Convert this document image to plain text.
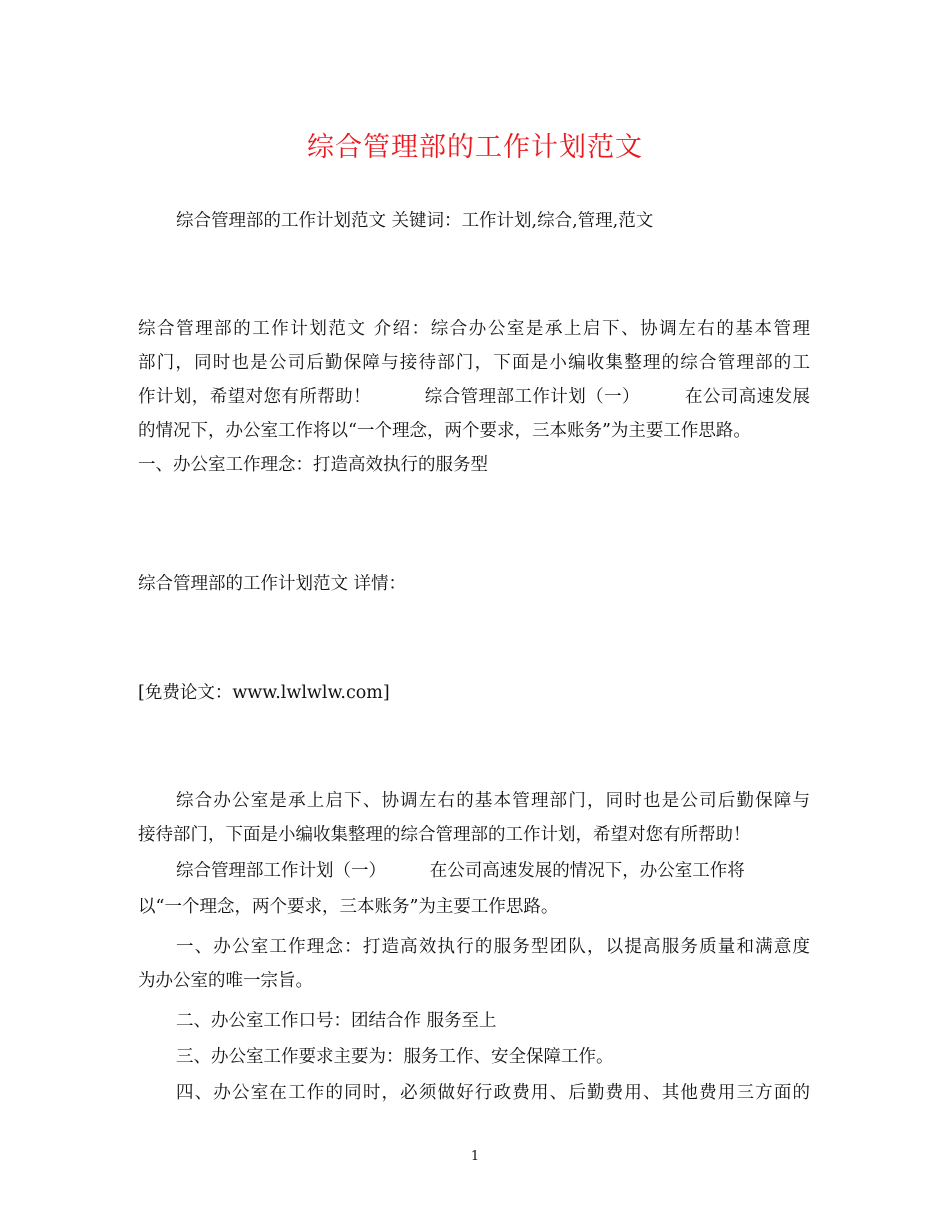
综合管理部的工作计划范文
综合管理部的工作计划范文 关键词：工作计划,综合,管理,范文
综合管理部的工作计划范文 介绍：综合办公室是承上启下、协调左右的基本管理
部门，同时也是公司后勤保障与接待部门，下面是小编收集整理的综合管理部的工
作计划，希望对您有所帮助！　　　综合管理部工作计划（一）　　　在公司高速发展
的情况下，办公室工作将以“一个理念，两个要求，三本账务”为主要工作思路。
一、办公室工作理念：打造高效执行的服务型
综合管理部的工作计划范文 详情：
[免费论文：www.lwlwlw.com]
综合办公室是承上启下、协调左右的基本管理部门，同时也是公司后勤保障与
接待部门，下面是小编收集整理的综合管理部的工作计划，希望对您有所帮助！
综合管理部工作计划（一）　　　在公司高速发展的情况下，办公室工作将
以“一个理念，两个要求，三本账务”为主要工作思路。
一、办公室工作理念：打造高效执行的服务型团队，以提高服务质量和满意度
为办公室的唯一宗旨。
二、办公室工作口号：团结合作 服务至上
三、办公室工作要求主要为：服务工作、安全保障工作。
四、办公室在工作的同时，必须做好行政费用、后勤费用、其他费用三方面的
1
